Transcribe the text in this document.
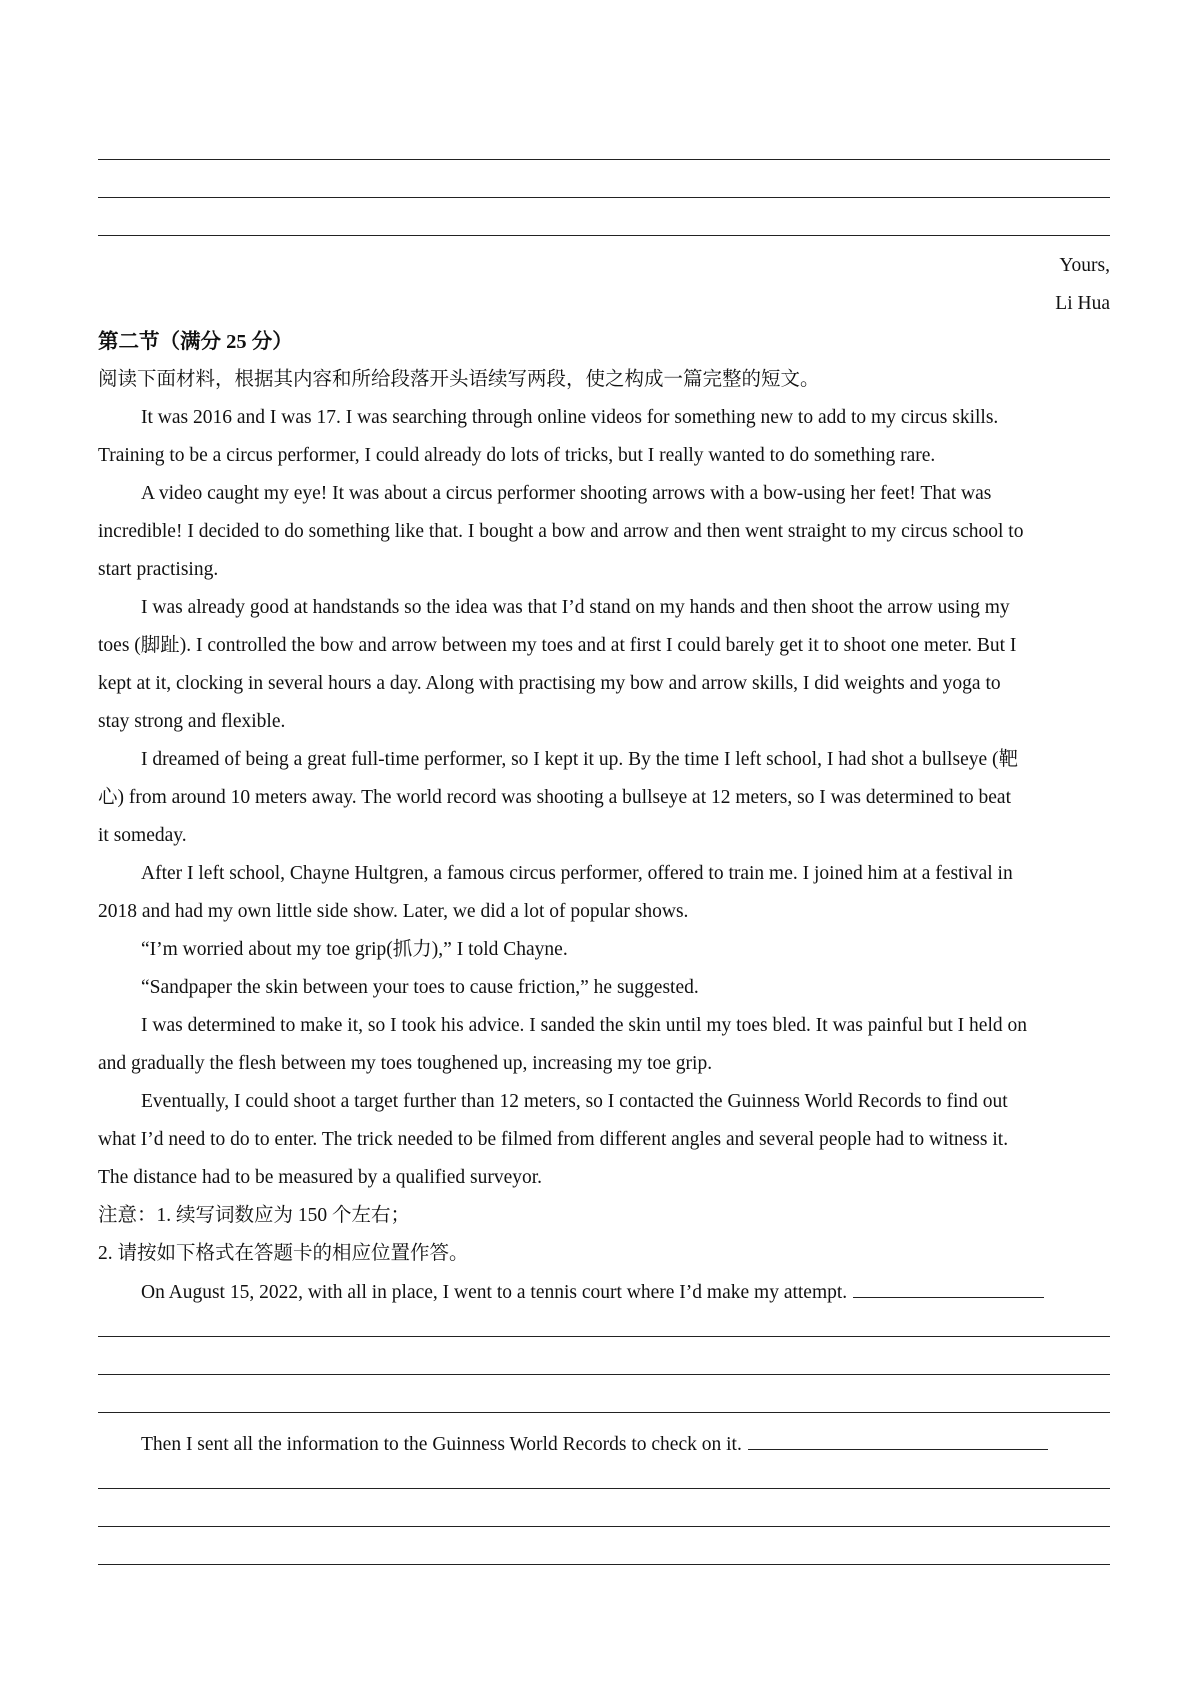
Yours,
Li Hua
第二节（满分 25 分）
阅读下面材料，根据其内容和所给段落开头语续写两段，使之构成一篇完整的短文。
It was 2016 and I was 17. I was searching through online videos for something new to add to my circus skills.
Training to be a circus performer, I could already do lots of tricks, but I really wanted to do something rare.
A video caught my eye! It was about a circus performer shooting arrows with a bow-using her feet! That was
incredible! I decided to do something like that. I bought a bow and arrow and then went straight to my circus school to
start practising.
I was already good at handstands so the idea was that I’d stand on my hands and then shoot the arrow using my
toes (脚趾). I controlled the bow and arrow between my toes and at first I could barely get it to shoot one meter. But I
kept at it, clocking in several hours a day. Along with practising my bow and arrow skills, I did weights and yoga to
stay strong and flexible.
I dreamed of being a great full-time performer, so I kept it up. By the time I left school, I had shot a bullseye (靶
心) from around 10 meters away. The world record was shooting a bullseye at 12 meters, so I was determined to beat
it someday.
After I left school, Chayne Hultgren, a famous circus performer, offered to train me. I joined him at a festival in
2018 and had my own little side show. Later, we did a lot of popular shows.
“I’m worried about my toe grip(抓力),” I told Chayne.
“Sandpaper the skin between your toes to cause friction,” he suggested.
I was determined to make it, so I took his advice. I sanded the skin until my toes bled. It was painful but I held on
and gradually the flesh between my toes toughened up, increasing my toe grip.
Eventually, I could shoot a target further than 12 meters, so I contacted the Guinness World Records to find out
what I’d need to do to enter. The trick needed to be filmed from different angles and several people had to witness it.
The distance had to be measured by a qualified surveyor.
注意：1. 续写词数应为 150 个左右；
2. 请按如下格式在答题卡的相应位置作答。
On August 15, 2022, with all in place, I went to a tennis court where I’d make my attempt.
Then I sent all the information to the Guinness World Records to check on it.
